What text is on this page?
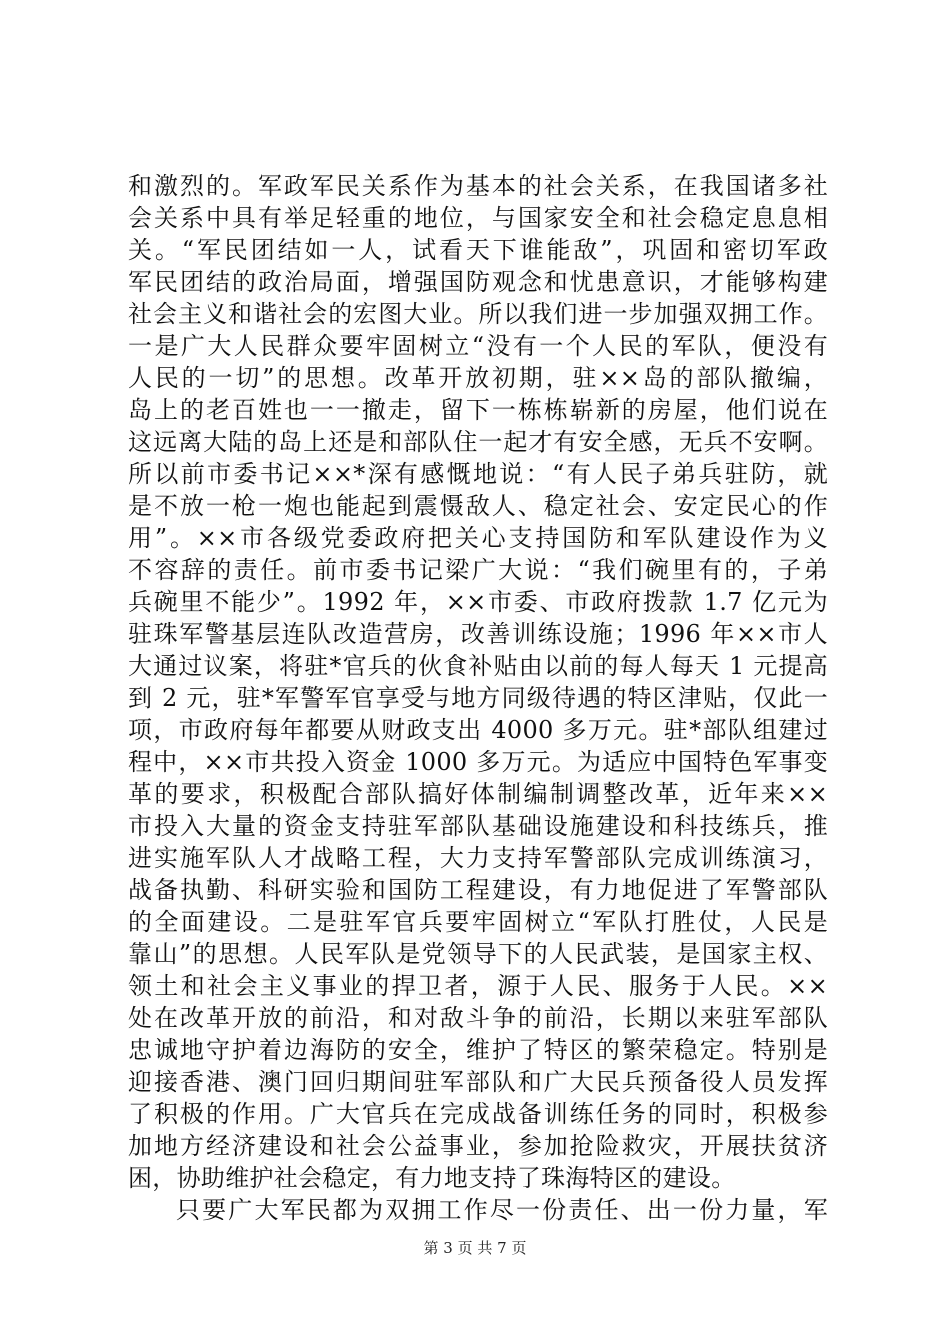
和激烈的。军政军民关系作为基本的社会关系，在我国诸多社
会关系中具有举足轻重的地位，与国家安全和社会稳定息息相
关。“军民团结如一人，试看天下谁能敌”，巩固和密切军政
军民团结的政治局面，增强国防观念和忧患意识，才能够构建
社会主义和谐社会的宏图大业。所以我们进一步加强双拥工作。
一是广大人民群众要牢固树立“没有一个人民的军队，便没有
人民的一切”的思想。改革开放初期，驻××岛的部队撤编，
岛上的老百姓也一一撤走，留下一栋栋崭新的房屋，他们说在
这远离大陆的岛上还是和部队住一起才有安全感，无兵不安啊。
所以前市委书记××*深有感慨地说：“有人民子弟兵驻防，就
是不放一枪一炮也能起到震慑敌人、稳定社会、安定民心的作
用”。××市各级党委政府把关心支持国防和军队建设作为义
不容辞的责任。前市委书记梁广大说：“我们碗里有的，子弟
兵碗里不能少”。1992 年，××市委、市政府拨款 1.7 亿元为
驻珠军警基层连队改造营房，改善训练设施；1996 年××市人
大通过议案，将驻*官兵的伙食补贴由以前的每人每天 1 元提高
到 2 元，驻*军警军官享受与地方同级待遇的特区津贴，仅此一
项，市政府每年都要从财政支出 4000 多万元。驻*部队组建过
程中，××市共投入资金 1000 多万元。为适应中国特色军事变
革的要求，积极配合部队搞好体制编制调整改革，近年来××
市投入大量的资金支持驻军部队基础设施建设和科技练兵，推
进实施军队人才战略工程，大力支持军警部队完成训练演习，
战备执勤、科研实验和国防工程建设，有力地促进了军警部队
的全面建设。二是驻军官兵要牢固树立“军队打胜仗，人民是
靠山”的思想。人民军队是党领导下的人民武装，是国家主权、
领土和社会主义事业的捍卫者，源于人民、服务于人民。××
处在改革开放的前沿，和对敌斗争的前沿，长期以来驻军部队
忠诚地守护着边海防的安全，维护了特区的繁荣稳定。特别是
迎接香港、澳门回归期间驻军部队和广大民兵预备役人员发挥
了积极的作用。广大官兵在完成战备训练任务的同时，积极参
加地方经济建设和社会公益事业，参加抢险救灾，开展扶贫济
困，协助维护社会稳定，有力地支持了珠海特区的建设。
只要广大军民都为双拥工作尽一份责任、出一份力量，军
第 3 页 共 7 页
